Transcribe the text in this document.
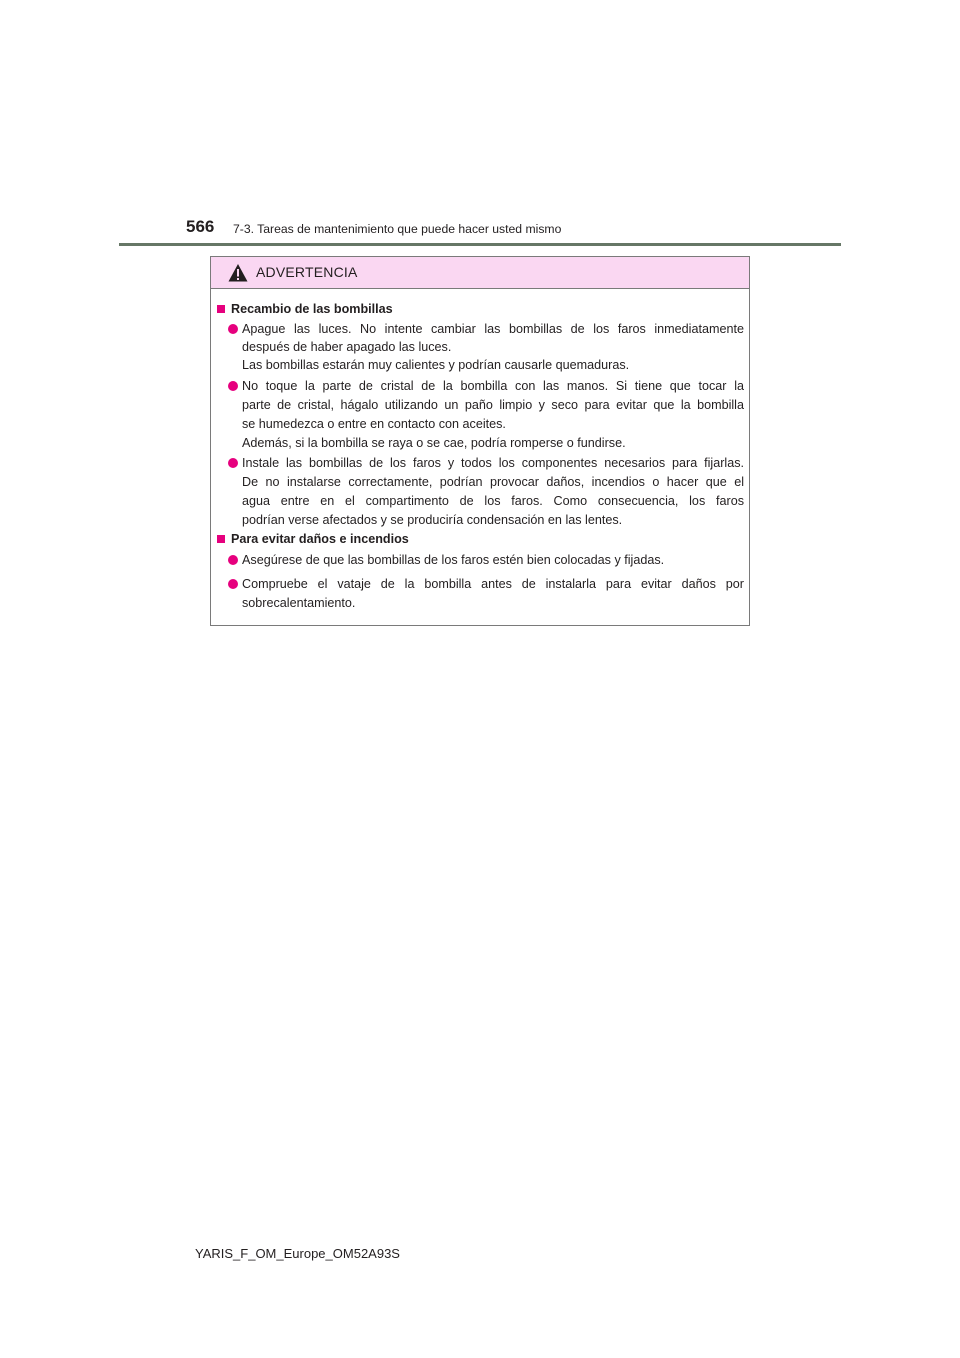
566 7-3. Tareas de mantenimiento que puede hacer usted mismo
ADVERTENCIA
Recambio de las bombillas
Apague las luces. No intente cambiar las bombillas de los faros inmediatamente
después de haber apagado las luces.
Las bombillas estarán muy calientes y podrían causarle quemaduras.
No toque la parte de cristal de la bombilla con las manos. Si tiene que tocar la
parte de cristal, hágalo utilizando un paño limpio y seco para evitar que la bombilla
se humedezca o entre en contacto con aceites.
Además, si la bombilla se raya o se cae, podría romperse o fundirse.
Instale las bombillas de los faros y todos los componentes necesarios para fijarlas.
De no instalarse correctamente, podrían provocar daños, incendios o hacer que el
agua entre en el compartimento de los faros. Como consecuencia, los faros
podrían verse afectados y se produciría condensación en las lentes.
Para evitar daños e incendios
Asegúrese de que las bombillas de los faros estén bien colocadas y fijadas.
Compruebe el vataje de la bombilla antes de instalarla para evitar daños por
sobrecalentamiento.
YARIS_F_OM_Europe_OM52A93S
